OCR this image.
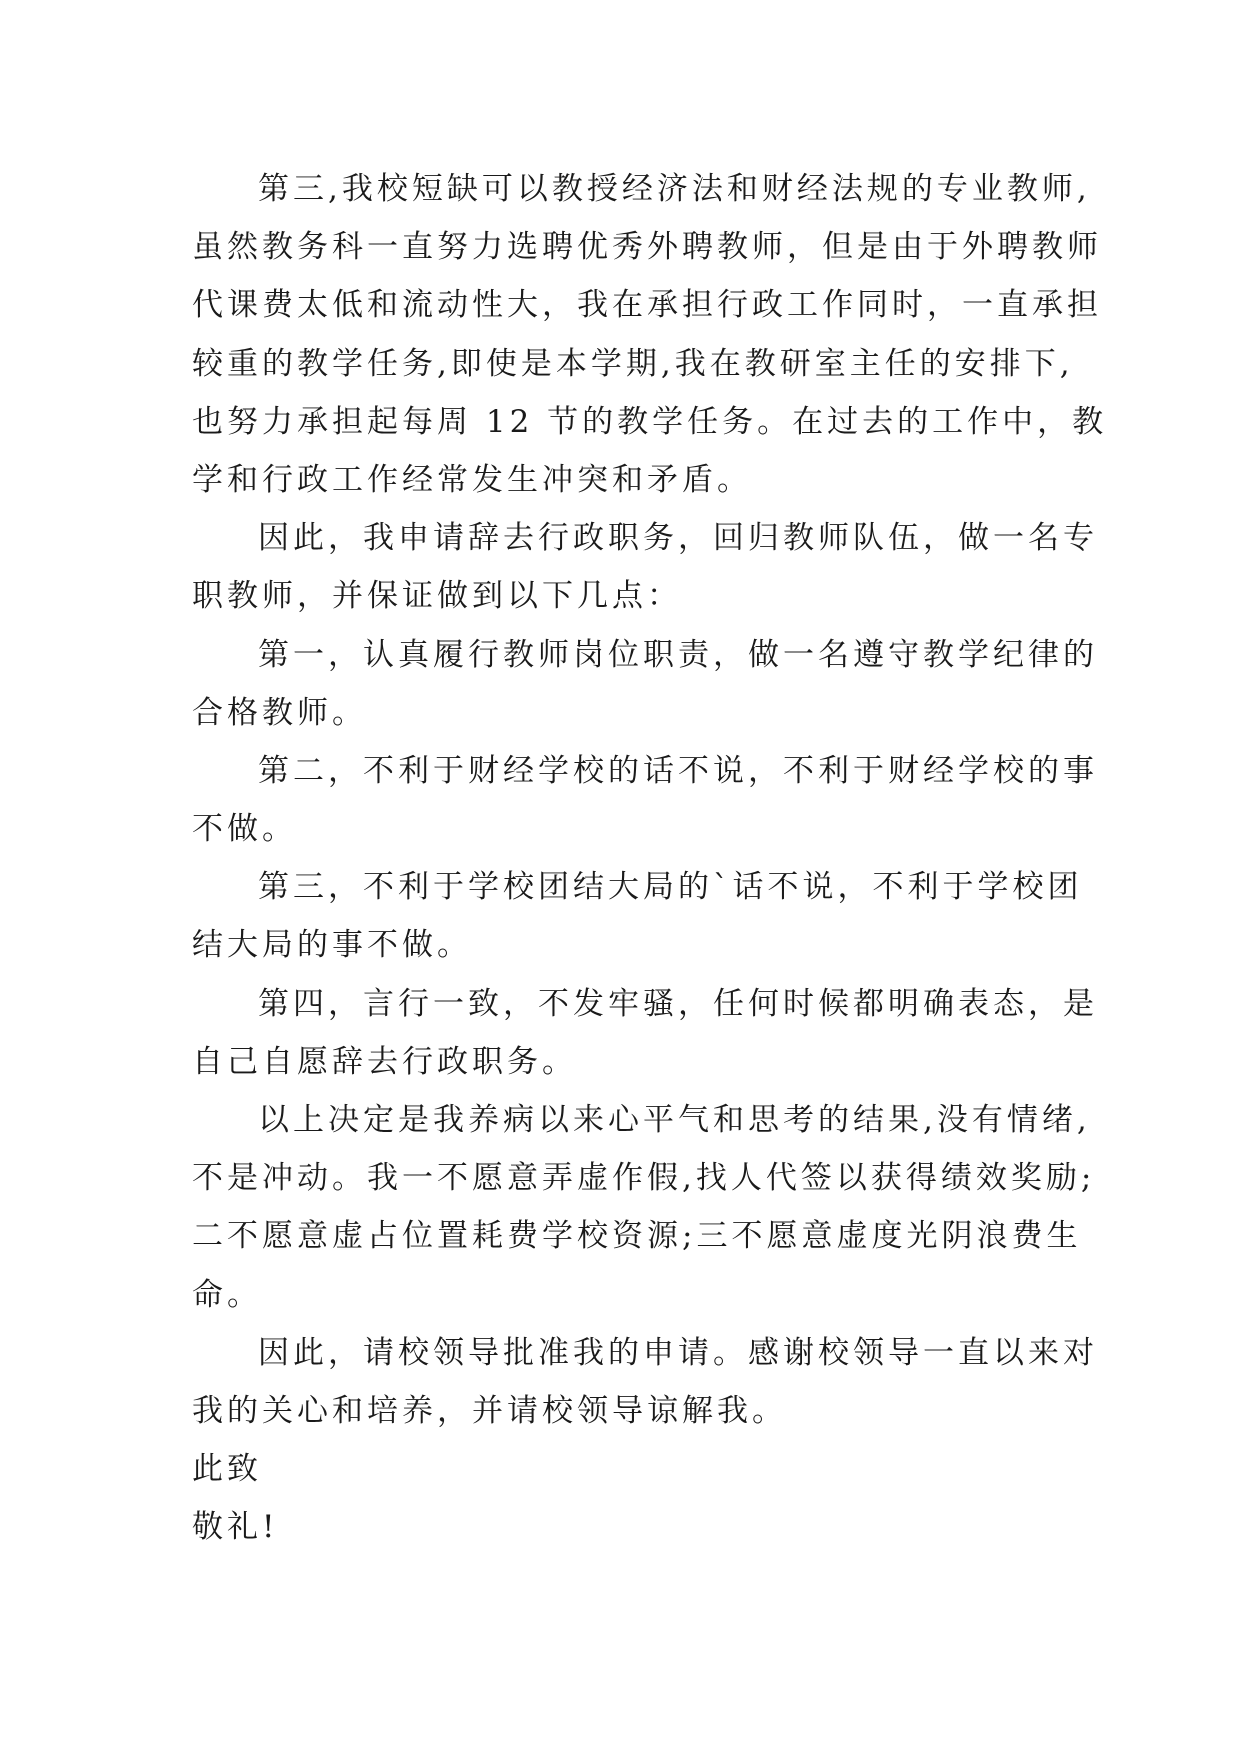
第三,我校短缺可以教授经济法和财经法规的专业教师,
虽然教务科一直努力选聘优秀外聘教师，但是由于外聘教师
代课费太低和流动性大，我在承担行政工作同时，一直承担
较重的教学任务,即使是本学期,我在教研室主任的安排下,
也努力承担起每周 12 节的教学任务。在过去的工作中，教
学和行政工作经常发生冲突和矛盾。
因此，我申请辞去行政职务，回归教师队伍，做一名专
职教师，并保证做到以下几点：
第一，认真履行教师岗位职责，做一名遵守教学纪律的
合格教师。
第二，不利于财经学校的话不说，不利于财经学校的事
不做。
第三，不利于学校团结大局的`话不说，不利于学校团
结大局的事不做。
第四，言行一致，不发牢骚，任何时候都明确表态，是
自己自愿辞去行政职务。
以上决定是我养病以来心平气和思考的结果,没有情绪,
不是冲动。我一不愿意弄虚作假,找人代签以获得绩效奖励;
二不愿意虚占位置耗费学校资源;三不愿意虚度光阴浪费生
命。
因此，请校领导批准我的申请。感谢校领导一直以来对
我的关心和培养，并请校领导谅解我。
此致
敬礼!
